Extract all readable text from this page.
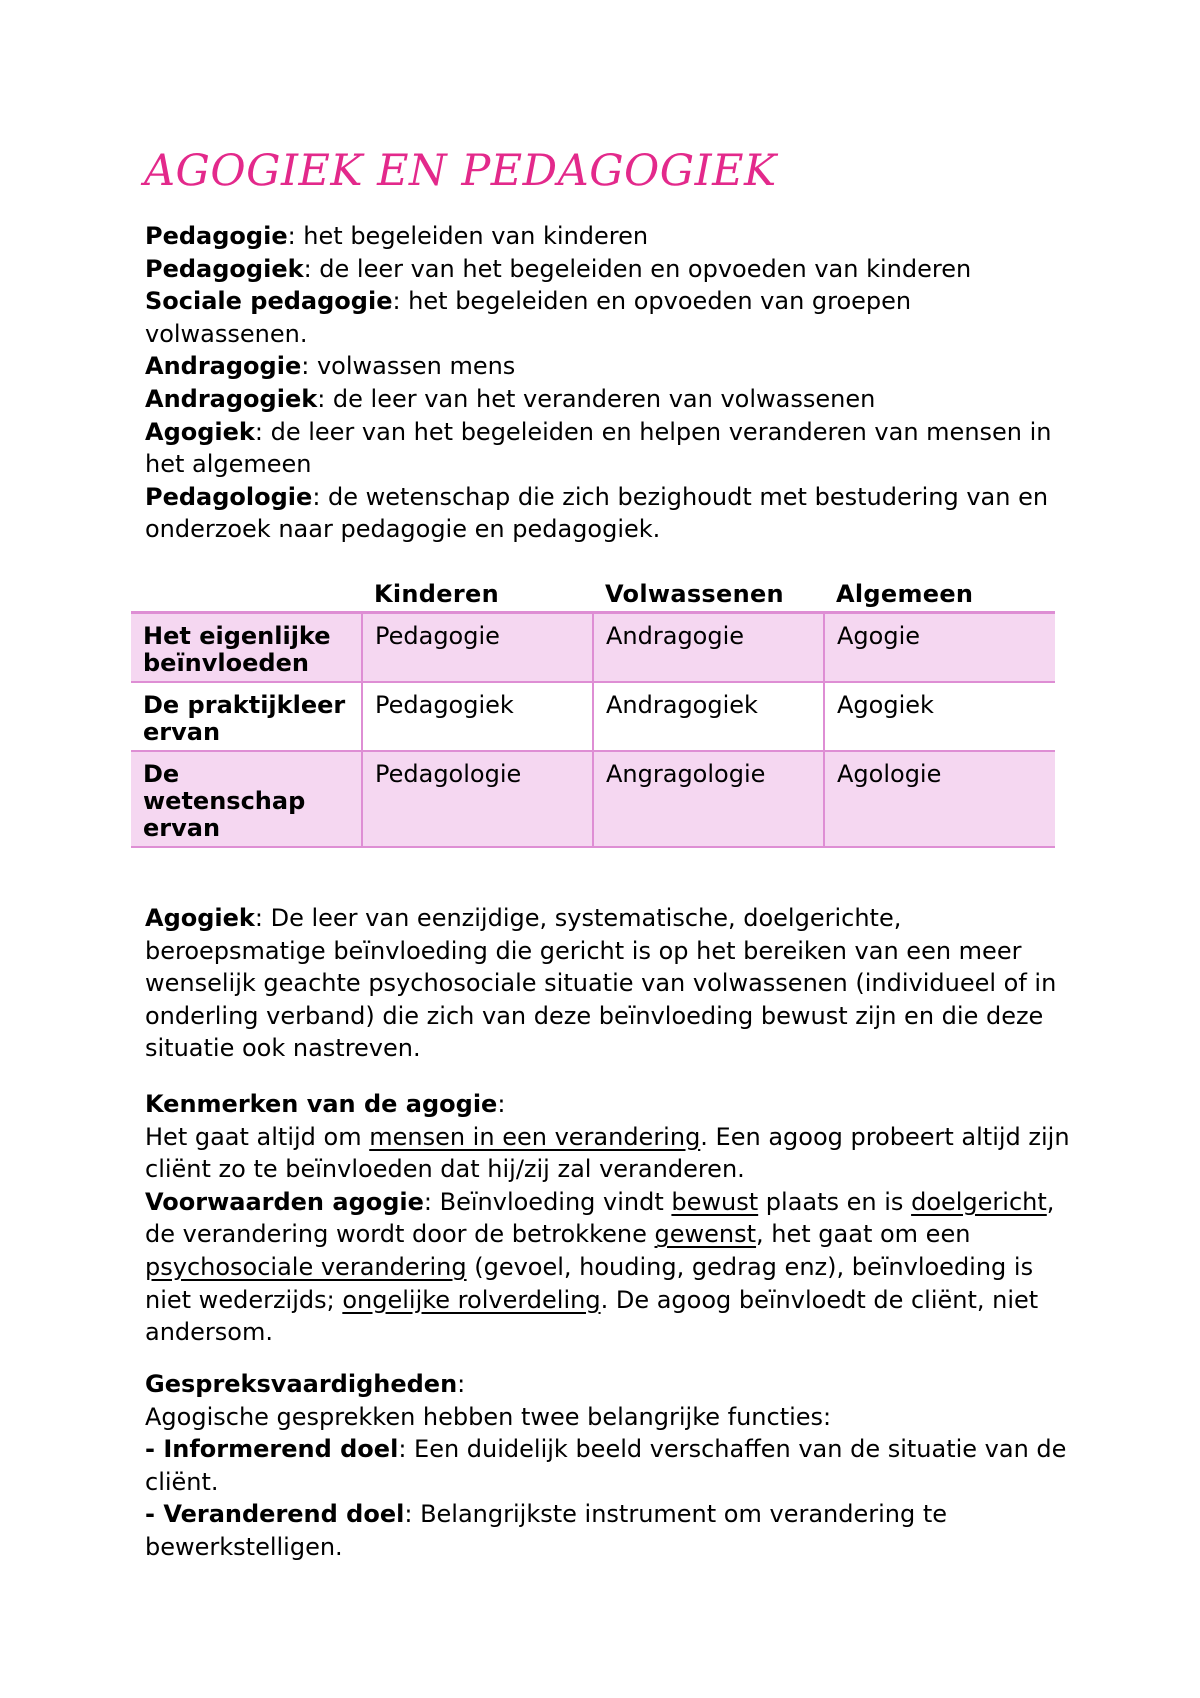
AGOGIEK EN PEDAGOGIEK

Pedagogie: het begeleiden van kinderen

Pedagogiek: de leer van het begeleiden en opvoeden van kinderen

Sociale pedagogie: het begeleiden en opvoeden van groepen volwassenen.

Andragogie: volwassen mens

Andragogiek: de leer van het veranderen van volwassenen

Agogiek: de leer van het begeleiden en helpen veranderen van mensen in het algemeen

Pedagologie: de wetenschap die zich bezighoudt met bestudering van en onderzoek naar pedagogie en pedagogiek.

	Kinderen	Volwassenen	Algemeen
Het eigenlijke beïnvloeden	Pedagogie	Andragogie	Agogie
De praktijkleer ervan	Pedagogiek	Andragogiek	Agogiek
De wetenschap ervan	Pedagologie	Angragologie	Agologie

Agogiek: De leer van eenzijdige, systematische, doelgerichte, beroepsmatige beïnvloeding die gericht is op het bereiken van een meer wenselijk geachte psychosociale situatie van volwassenen (individueel of in onderling verband) die zich van deze beïnvloeding bewust zijn en die deze situatie ook nastreven.

Kenmerken van de agogie:

Het gaat altijd om mensen in een verandering. Een agoog probeert altijd zijn cliënt zo te beïnvloeden dat hij/zij zal veranderen.

Voorwaarden agogie: Beïnvloeding vindt bewust plaats en is doelgericht, de verandering wordt door de betrokkene gewenst, het gaat om een psychosociale verandering (gevoel, houding, gedrag enz), beïnvloeding is niet wederzijds; ongelijke rolverdeling. De agoog beïnvloedt de cliënt, niet andersom.

Gespreksvaardigheden:

Agogische gesprekken hebben twee belangrijke functies:

- Informerend doel: Een duidelijk beeld verschaffen van de situatie van de cliënt.

- Veranderend doel: Belangrijkste instrument om verandering te bewerkstelligen.
